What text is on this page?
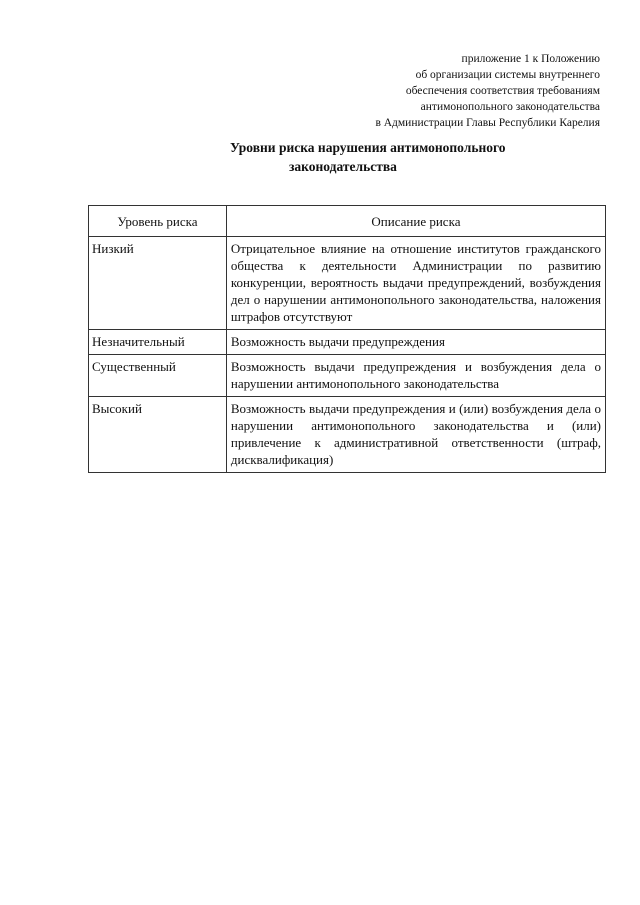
приложение 1 к Положению
об организации системы внутреннего
обеспечения соответствия требованиям
антимонопольного законодательства
в Администрации Главы Республики Карелия
Уровни риска нарушения антимонопольного
законодательства
Уровень риска	Описание риска
Низкий	Отрицательное влияние на отношение институтов гражданского общества к деятельности Администрации по развитию конкуренции, вероятность выдачи предупреждений, возбуждения дел о нарушении антимонопольного законодательства, наложения штрафов отсутствуют
Незначительный	Возможность выдачи предупреждения
Существенный	Возможность выдачи предупреждения и возбуждения дела о нарушении антимонопольного законодательства
Высокий	Возможность выдачи предупреждения и (или) возбуждения дела о нарушении антимонопольного законодательства и (или) привлечение к административной ответственности (штраф, дисквалификация)
